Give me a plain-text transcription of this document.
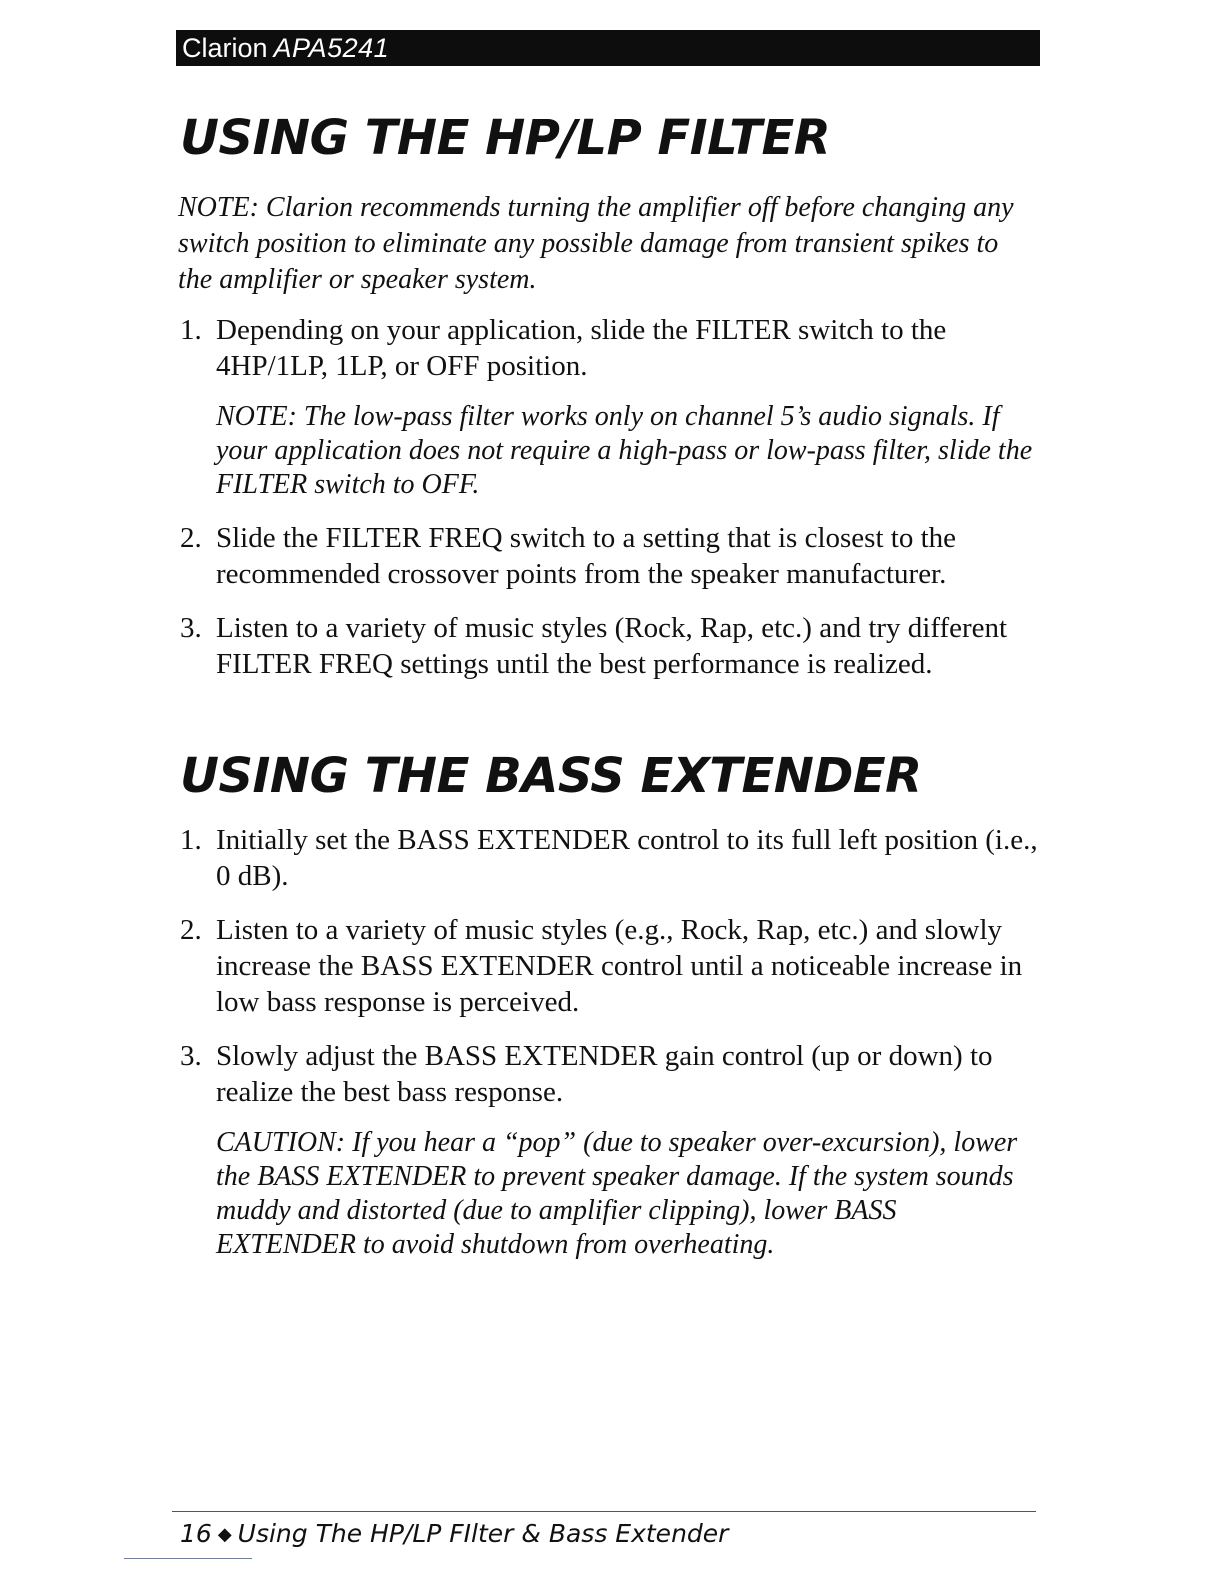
Clarion APA5241
USING THE HP/LP FILTER

NOTE: Clarion recommends turning the amplifier off before changing any switch position to eliminate any possible damage from transient spikes to the amplifier or speaker system.

1. Depending on your application, slide the FILTER switch to the 4HP/1LP, 1LP, or OFF position.

NOTE: The low-pass filter works only on channel 5’s audio signals. If your application does not require a high-pass or low-pass filter, slide the FILTER switch to OFF.

2. Slide the FILTER FREQ switch to a setting that is closest to the recommended crossover points from the speaker manufacturer.
3. Listen to a variety of music styles (Rock, Rap, etc.) and try different FILTER FREQ settings until the best performance is realized.
USING THE BASS EXTENDER
1. Initially set the BASS EXTENDER control to its full left position (i.e., 0 dB).
2. Listen to a variety of music styles (e.g., Rock, Rap, etc.) and slowly increase the BASS EXTENDER control until a noticeable increase in low bass response is perceived.
3. Slowly adjust the BASS EXTENDER gain control (up or down) to realize the best bass response.

CAUTION: If you hear a “pop” (due to speaker over-excursion), lower the BASS EXTENDER to prevent speaker damage. If the system sounds muddy and distorted (due to amplifier clipping), lower BASS EXTENDER to avoid shutdown from overheating.

16 ◆ Using The HP/LP FIlter & Bass Extender
